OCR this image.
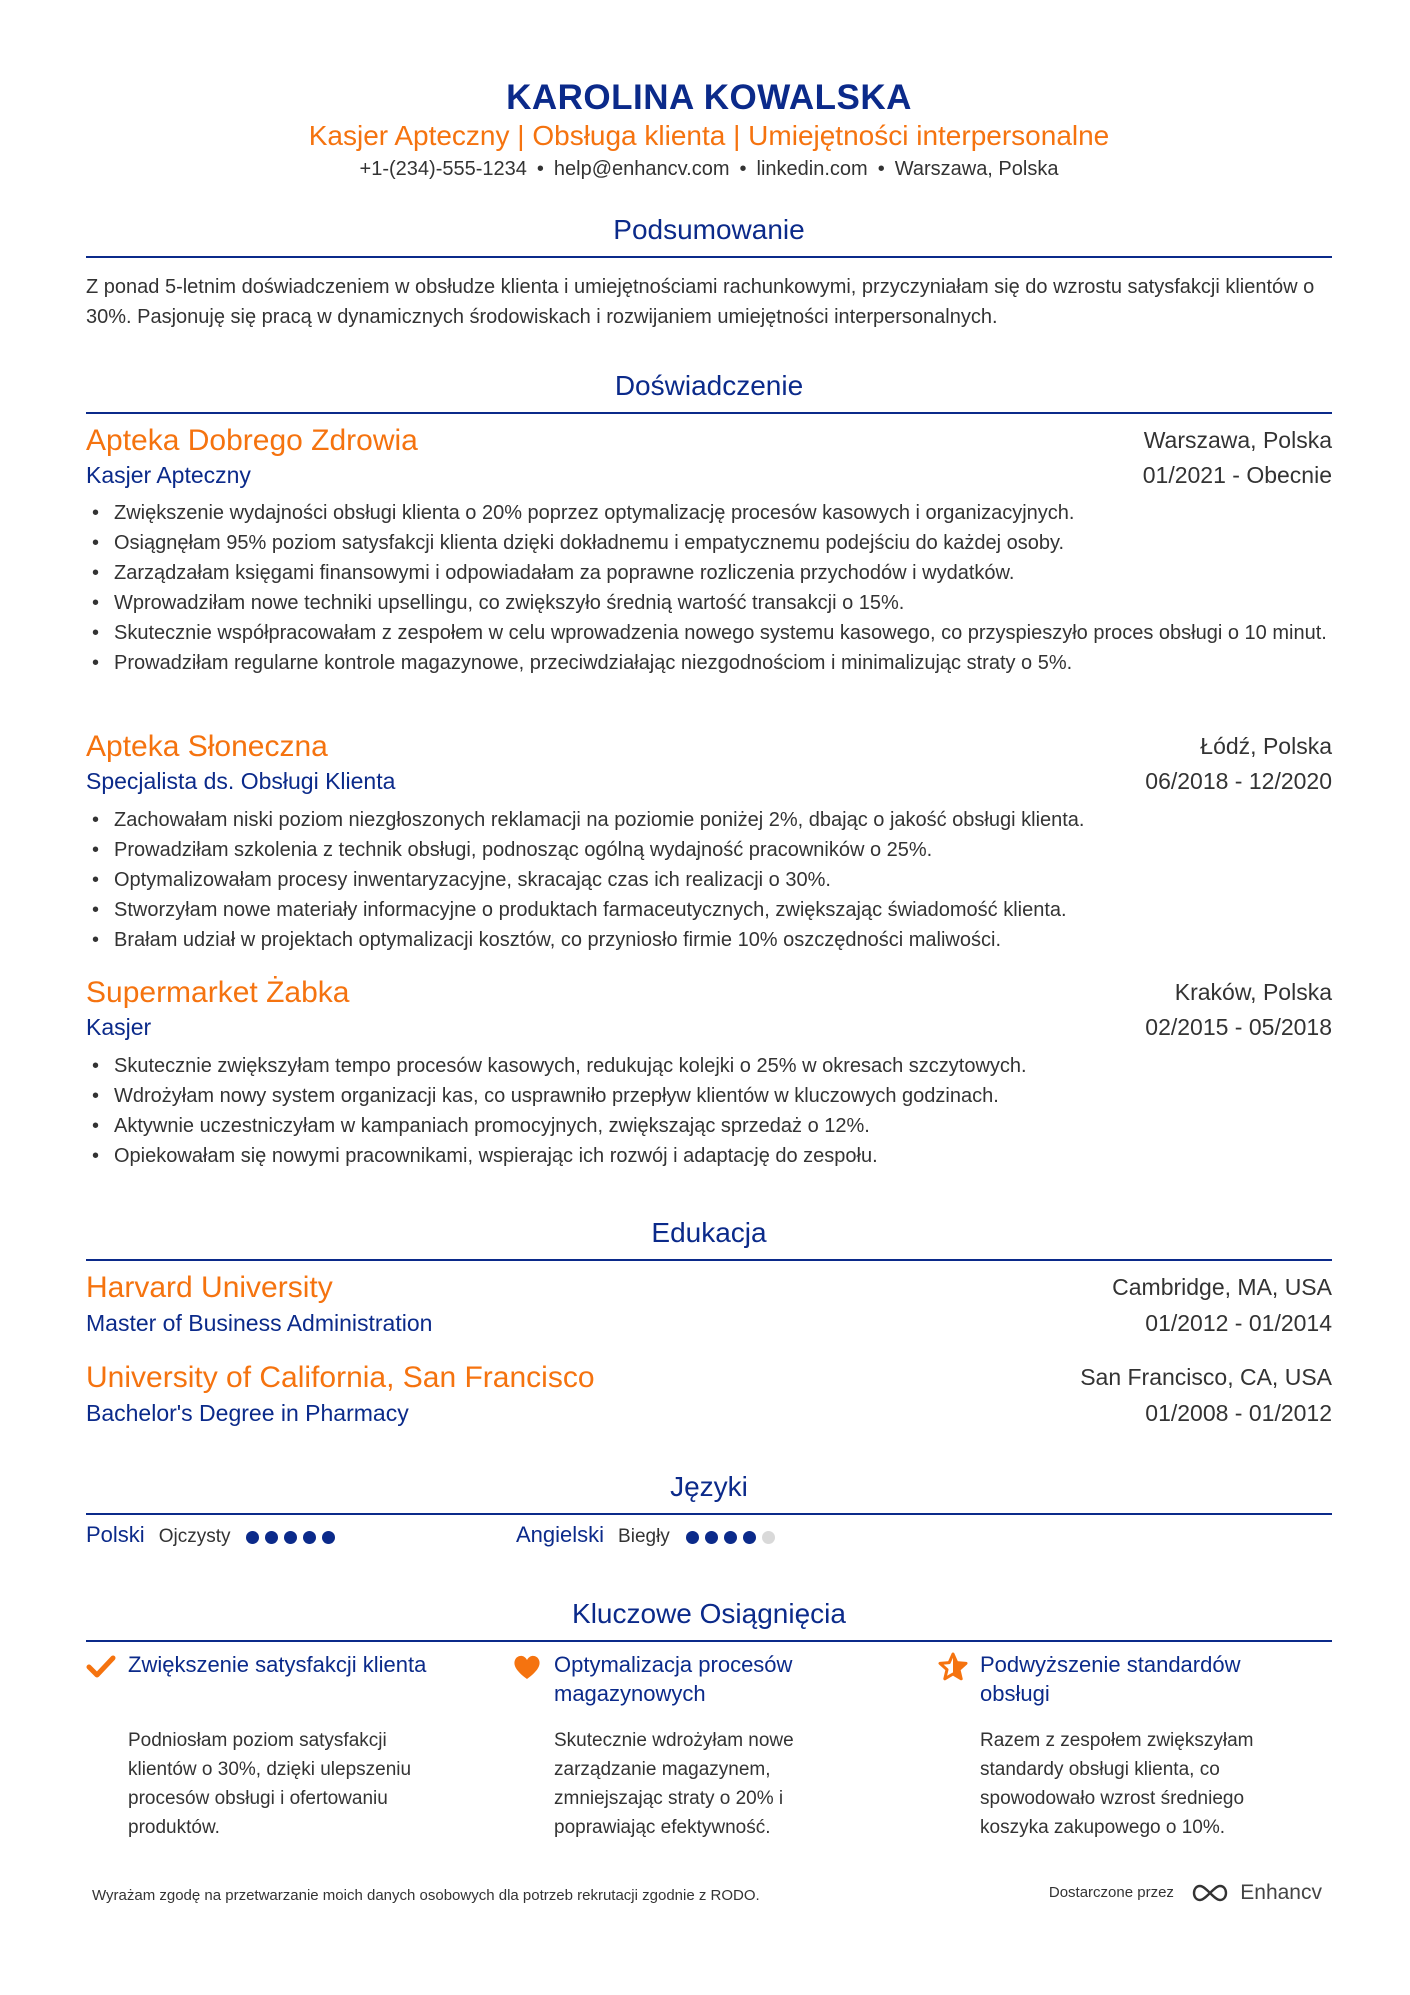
KAROLINA KOWALSKA
Kasjer Apteczny | Obsługa klienta | Umiejętności interpersonalne
+1-(234)-555-1234 • help@enhancv.com • linkedin.com • Warszawa, Polska
Podsumowanie
Z ponad 5-letnim doświadczeniem w obsłudze klienta i umiejętnościami rachunkowymi, przyczyniałam się do wzrostu satysfakcji klientów o 30%. Pasjonuję się pracą w dynamicznych środowiskach i rozwijaniem umiejętności interpersonalnych.
Doświadczenie
Apteka Dobrego Zdrowia	Warszawa, Polska
Kasjer Apteczny	01/2021 - Obecnie
• Zwiększenie wydajności obsługi klienta o 20% poprzez optymalizację procesów kasowych i organizacyjnych.
• Osiągnęłam 95% poziom satysfakcji klienta dzięki dokładnemu i empatycznemu podejściu do każdej osoby.
• Zarządzałam księgami finansowymi i odpowiadałam za poprawne rozliczenia przychodów i wydatków.
• Wprowadziłam nowe techniki upsellingu, co zwiększyło średnią wartość transakcji o 15%.
• Skutecznie współpracowałam z zespołem w celu wprowadzenia nowego systemu kasowego, co przyspieszyło proces obsługi o 10 minut.
• Prowadziłam regularne kontrole magazynowe, przeciwdziałając niezgodnościom i minimalizując straty o 5%.
Apteka Słoneczna	Łódź, Polska
Specjalista ds. Obsługi Klienta	06/2018 - 12/2020
• Zachowałam niski poziom niezgłoszonych reklamacji na poziomie poniżej 2%, dbając o jakość obsługi klienta.
• Prowadziłam szkolenia z technik obsługi, podnosząc ogólną wydajność pracowników o 25%.
• Optymalizowałam procesy inwentaryzacyjne, skracając czas ich realizacji o 30%.
• Stworzyłam nowe materiały informacyjne o produktach farmaceutycznych, zwiększając świadomość klienta.
• Brałam udział w projektach optymalizacji kosztów, co przyniosło firmie 10% oszczędności maliwości.
Supermarket Żabka	Kraków, Polska
Kasjer	02/2015 - 05/2018
• Skutecznie zwiększyłam tempo procesów kasowych, redukując kolejki o 25% w okresach szczytowych.
• Wdrożyłam nowy system organizacji kas, co usprawniło przepływ klientów w kluczowych godzinach.
• Aktywnie uczestniczyłam w kampaniach promocyjnych, zwiększając sprzedaż o 12%.
• Opiekowałam się nowymi pracownikami, wspierając ich rozwój i adaptację do zespołu.
Edukacja
Harvard University	Cambridge, MA, USA
Master of Business Administration	01/2012 - 01/2014
University of California, San Francisco	San Francisco, CA, USA
Bachelor's Degree in Pharmacy	01/2008 - 01/2012
Języki
Polski Ojczysty	Angielski Biegły
Kluczowe Osiągnięcia
Zwiększenie satysfakcji klienta
Podniosłam poziom satysfakcji klientów o 30%, dzięki ulepszeniu procesów obsługi i ofertowaniu produktów.
Optymalizacja procesów magazynowych
Skutecznie wdrożyłam nowe zarządzanie magazynem, zmniejszając straty o 20% i poprawiając efektywność.
Podwyższenie standardów obsługi
Razem z zespołem zwiększyłam standardy obsługi klienta, co spowodowało wzrost średniego koszyka zakupowego o 10%.
Wyrażam zgodę na przetwarzanie moich danych osobowych dla potrzeb rekrutacji zgodnie z RODO.	Dostarczone przez	Enhancv
